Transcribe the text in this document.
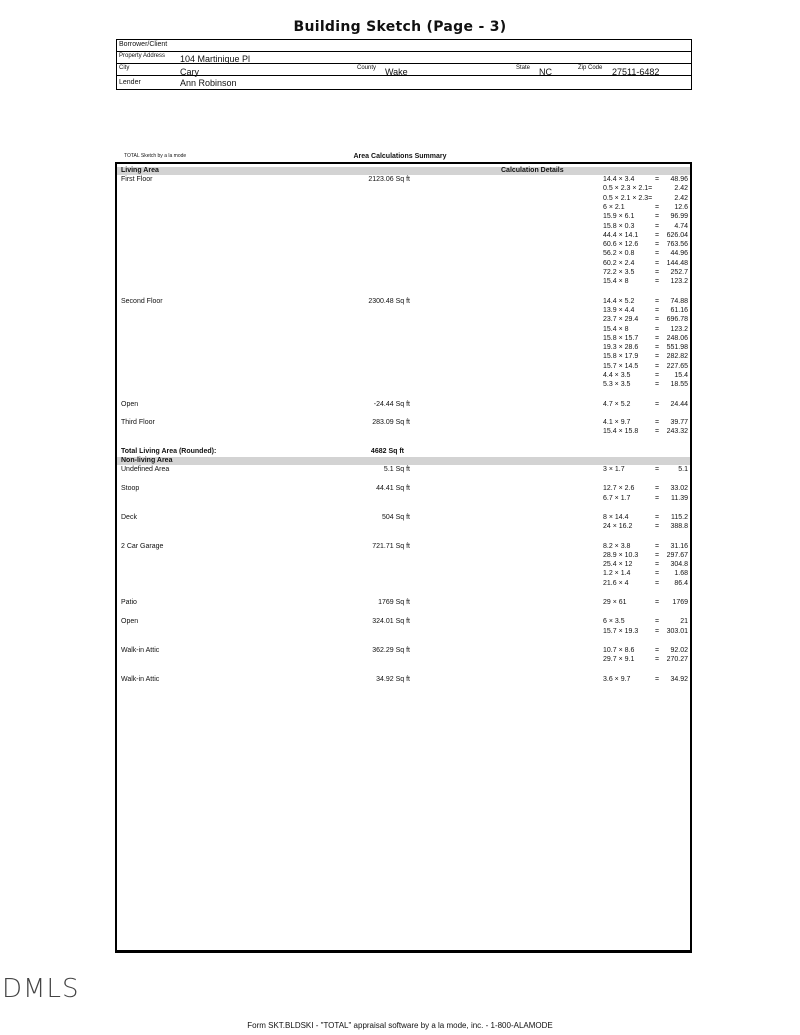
Building Sketch (Page - 3)
Borrower/Client
Property Address 104 Martinique Pl
City	Cary	County Wake	State NC	Zip Code 27511-6482
Lender	Ann Robinson
TOTAL Sketch by a la mode	Area Calculations Summary
Living Area	Calculation Details
First Floor	2123.06 Sq ft	14.4 × 3.4	= 48.96
0.5 × 2.3 × 2.1=	2.42
0.5 × 2.1 × 2.3=	2.42
6 × 2.1	= 12.6
15.9 × 6.1	= 96.99
15.8 × 0.3	= 4.74
44.4 × 14.1 = 626.04
60.6 × 12.6 = 763.56
56.2 × 0.8	= 44.96
60.2 × 2.4	= 144.48
72.2 × 3.5	= 252.7
15.4 × 8	= 123.2
Second Floor	2300.48 Sq ft	14.4 × 5.2	= 74.88
13.9 × 4.4	= 61.16
23.7 × 29.4 = 696.78
15.4 × 8	= 123.2
15.8 × 15.7 = 248.06
19.3 × 28.6 = 551.98
15.8 × 17.9 = 282.82
15.7 × 14.5 = 227.65
4.4 × 3.5	= 15.4
5.3 × 3.5	= 18.55
Open	-24.44 Sq ft	4.7 × 5.2	= 24.44
Third Floor	283.09 Sq ft	4.1 × 9.7	= 39.77
15.4 × 15.8 = 243.32
Total Living Area (Rounded):	4682 Sq ft
Non-living Area
Undefined Area	5.1 Sq ft	3 × 1.7	=	5.1
Stoop	44.41 Sq ft	12.7 × 2.6	= 33.02
6.7 × 1.7	= 11.39
Deck	504 Sq ft	8 × 14.4	= 115.2
24 × 16.2	= 388.8
2 Car Garage	721.71 Sq ft	8.2 × 3.8	= 31.16
28.9 × 10.3 = 297.67
25.4 × 12	= 304.8
1.2 × 1.4	= 1.68
21.6 × 4	= 86.4
Patio	1769 Sq ft	29 × 61	= 1769
Open	324.01 Sq ft	6 × 3.5	=	21
15.7 × 19.3 = 303.01
Walk-in Attic	362.29 Sq ft	10.7 × 8.6	= 92.02
29.7 × 9.1	= 270.27
Walk-in Attic	34.92 Sq ft	3.6 × 9.7	= 34.92
DMLS
Form SKT.BLDSKI - "TOTAL" appraisal software by a la mode, inc. - 1-800-ALAMODE
